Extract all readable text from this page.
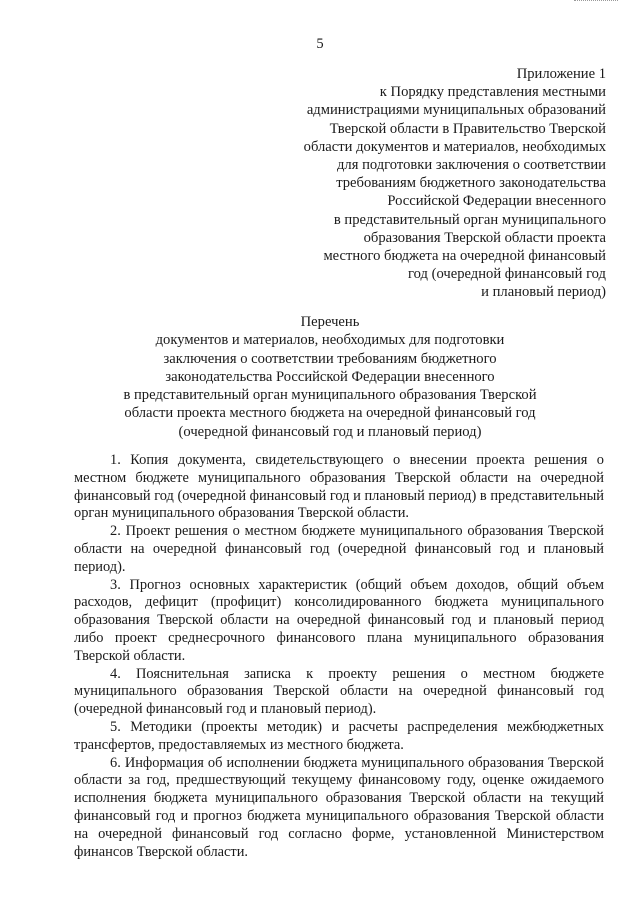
5
Приложение 1
к Порядку представления местными
администрациями муниципальных образований
Тверской области в Правительство Тверской
области документов и материалов, необходимых
для подготовки заключения о соответствии
требованиям бюджетного законодательства
Российской Федерации внесенного
в представительный орган муниципального
образования Тверской области проекта
местного бюджета на очередной финансовый
год (очередной финансовый год
и плановый период)
Перечень
документов и материалов, необходимых для подготовки
заключения о соответствии требованиям бюджетного
законодательства Российской Федерации внесенного
в представительный орган муниципального образования Тверской
области проекта местного бюджета на очередной финансовый год
(очередной финансовый год и плановый период)

1. Копия документа, свидетельствующего о внесении проекта решения о местном бюджете муниципального образования Тверской области на очередной финансовый год (очередной финансовый год и плановый период) в представительный орган муниципального образования Тверской области.

2. Проект решения о местном бюджете муниципального образования Тверской области на очередной финансовый год (очередной финансовый год и плановый период).

3. Прогноз основных характеристик (общий объем доходов, общий объем расходов, дефицит (профицит) консолидированного бюджета муниципального образования Тверской области на очередной финансовый год и плановый период либо проект среднесрочного финансового плана муниципального образования Тверской области.

4. Пояснительная записка к проекту решения о местном бюджете муниципального образования Тверской области на очередной финансовый год (очередной финансовый год и плановый период).

5. Методики (проекты методик) и расчеты распределения межбюджетных трансфертов, предоставляемых из местного бюджета.

6. Информация об исполнении бюджета муниципального образования Тверской области за год, предшествующий текущему финансовому году, оценке ожидаемого исполнения бюджета муниципального образования Тверской области на текущий финансовый год и прогноз бюджета муниципального образования Тверской области на очередной финансовый год согласно форме, установленной Министерством финансов Тверской области.
